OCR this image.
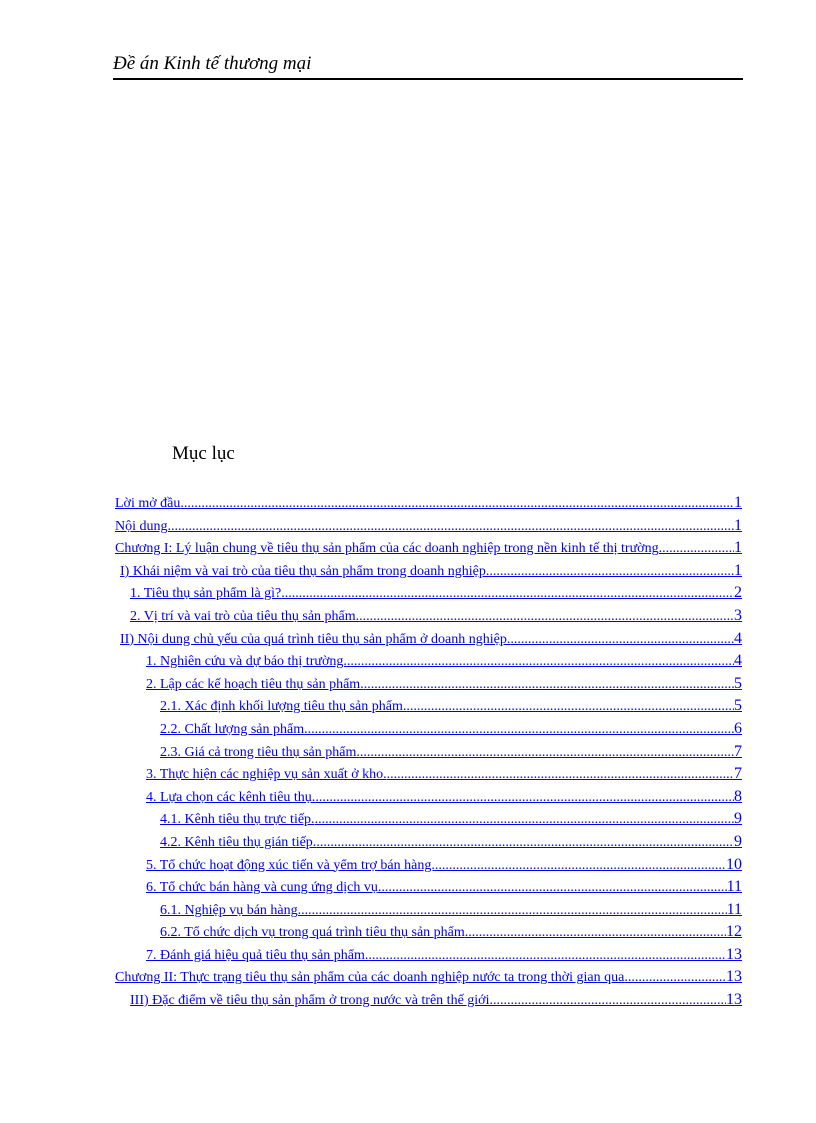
Đề án Kinh tế thương mại
Mục lục
Lời mở đầu .....	1
Nội dung .....	1
Chương I: Lý luận chung về tiêu thụ sản phẩm của các doanh nghiệp trong nền kinh tế thị trường .....	1
I) Khái niệm và vai trò của tiêu thụ sản phẩm trong doanh nghiệp. .....	1
1. Tiêu thụ sản phẩm là gì? .....	2
2. Vị trí và vai trò của tiêu thụ sản phẩm. .....	3
II) Nội dung chủ yếu của quá trình tiêu thụ sản phẩm ở doanh nghiệp. .....	4
1. Nghiên cứu và dự báo thị trường. .....	4
2. Lập các kế hoạch tiêu thụ sản phẩm. .....	5
2.1. Xác định khối lượng tiêu thụ sản phẩm. .....	5
2.2. Chất lượng sản phẩm .....	6
2.3. Giá cả trong tiêu thụ sản phẩm. .....	7
3. Thực hiện các nghiệp vụ sản xuất ở kho. .....	7
4. Lựa chọn các kênh tiêu thụ. .....	8
4.1. Kênh tiêu thụ trực tiếp. .....	9
4.2. Kênh tiêu thụ gián tiếp. .....	9
5. Tổ chức hoạt động xúc tiến và yểm trợ bán hàng. .....	10
6. Tổ chức bán hàng và cung ứng dịch vụ .....	11
6.1. Nghiệp vụ bán hàng .....	11
6.2. Tổ chức dịch vụ trong quá trình tiêu thụ sản phẩm .....	12
7. Đánh giá hiệu quả tiêu thụ sản phẩm. .....	13
Chương II: Thực trạng tiêu thụ sản phẩm của các doanh nghiệp nước ta trong thời gian qua .....	13
III) Đặc điểm về tiêu thụ sản phẩm ở trong nước và trên thế giới. .....	13
